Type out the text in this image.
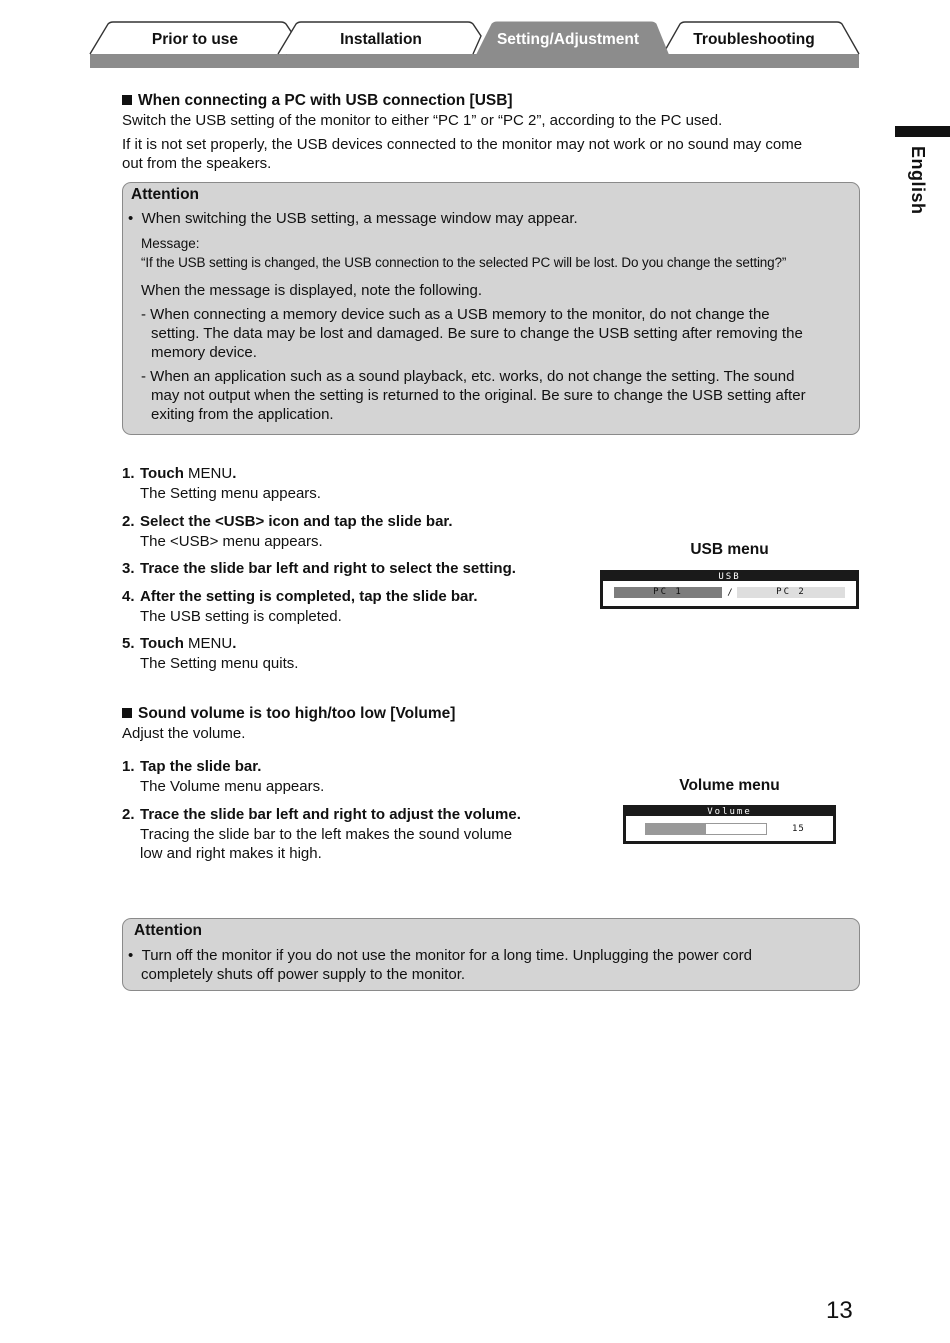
Prior to use	Installation	Setting/Adjustment	Troubleshooting
English
When connecting a PC with USB connection [USB]
Switch the USB setting of the monitor to either “PC 1” or “PC 2”, according to the PC used.
If it is not set properly, the USB devices connected to the monitor may not work or no sound may come
out from the speakers.
Attention
•  When switching the USB setting, a message window may appear.
Message:
“If the USB setting is changed, the USB connection to the selected PC will be lost. Do you change the setting?”
When the message is displayed, note the following.
- When connecting a memory device such as a USB memory to the monitor, do not change the
setting. The data may be lost and damaged. Be sure to change the USB setting after removing the
memory device.
- When an application such as a sound playback, etc. works, do not change the setting. The sound
may not output when the setting is returned to the original. Be sure to change the USB setting after
exiting from the application.
1. Touch MENU.
The Setting menu appears.
2. Select the <USB> icon and tap the slide bar.
The <USB> menu appears.
3. Trace the slide bar left and right to select the setting.
4. After the setting is completed, tap the slide bar.
The USB setting is completed.
5. Touch MENU.
The Setting menu quits.
USB menu
USB
PC 1	/	PC 2
Sound volume is too high/too low [Volume]
Adjust the volume.
1. Tap the slide bar.
The Volume menu appears.
2. Trace the slide bar left and right to adjust the volume.
Tracing the slide bar to the left makes the sound volume
low and right makes it high.
Volume menu
Volume
15
Attention
•  Turn off the monitor if you do not use the monitor for a long time. Unplugging the power cord
completely shuts off power supply to the monitor.
13
